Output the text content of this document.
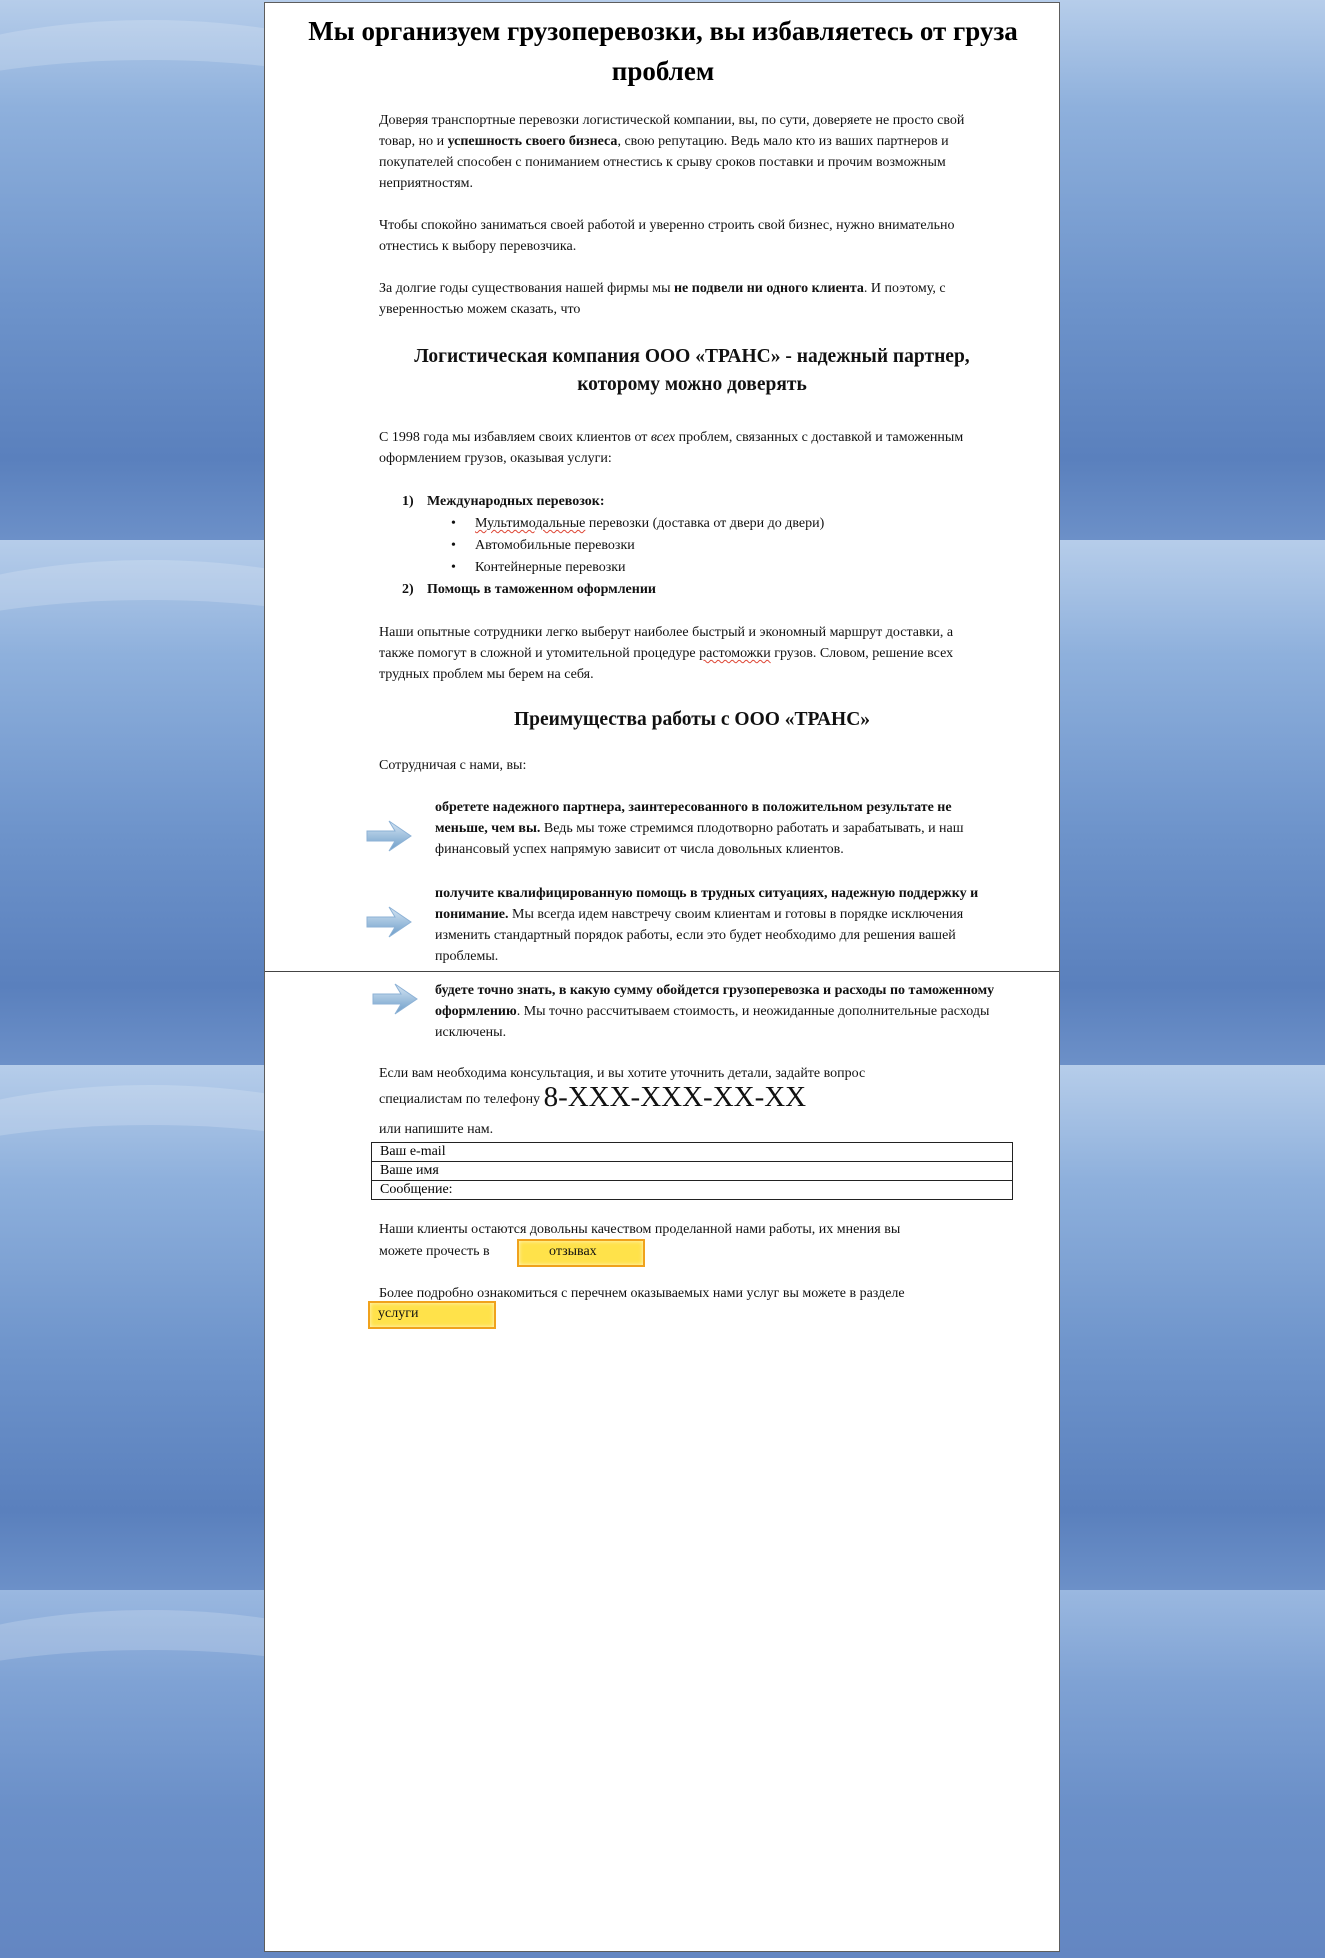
Мы организуем грузоперевозки, вы избавляетесь от груза проблем

Доверяя транспортные перевозки логистической компании, вы, по сути, доверяете не просто свой товар, но и успешность своего бизнеса, свою репутацию. Ведь мало кто из ваших партнеров и покупателей способен с пониманием отнестись к срыву сроков поставки и прочим возможным неприятностям.

Чтобы спокойно заниматься своей работой и уверенно строить свой бизнес, нужно внимательно отнестись к выбору перевозчика.

За долгие годы существования нашей фирмы мы не подвели ни одного клиента. И поэтому, с уверенностью можем сказать, что

Логистическая компания ООО «ТРАНС» - надежный партнер, которому можно доверять

С 1998 года мы избавляем своих клиентов от всех проблем, связанных с доставкой и таможенным оформлением грузов, оказывая услуги:

1) Международных перевозок:
• Мультимодальные перевозки (доставка от двери до двери)
• Автомобильные перевозки
• Контейнерные перевозки
2) Помощь в таможенном оформлении

Наши опытные сотрудники легко выберут наиболее быстрый и экономный маршрут доставки, а также помогут в сложной и утомительной процедуре растоможки грузов. Словом, решение всех трудных проблем мы берем на себя.

Преимущества работы с ООО «ТРАНС»

Сотрудничая с нами, вы:

обретете надежного партнера, заинтересованного в положительном результате не меньше, чем вы. Ведь мы тоже стремимся плодотворно работать и зарабатывать, и наш финансовый успех напрямую зависит от числа довольных клиентов.
получите квалифицированную помощь в трудных ситуациях, надежную поддержку и понимание. Мы всегда идем навстречу своим клиентам и готовы в порядке исключения изменить стандартный порядок работы, если это будет необходимо для решения вашей проблемы.
будете точно знать, в какую сумму обойдется грузоперевозка и расходы по таможенному оформлению. Мы точно рассчитываем стоимость, и неожиданные дополнительные расходы исключены.

Если вам необходима консультация, и вы хотите уточнить детали, задайте вопрос

специалистам по телефону 8-XXX-XXX-XX-XX

или напишите нам.

Ваш e-mail
Ваше имя
Сообщение:

Наши клиенты остаются довольны качеством проделанной нами работы, их мнения вы

можете прочесть в

Более подробно ознакомиться с перечнем оказываемых нами услуг вы можете в разделе

отзывах
услуги
